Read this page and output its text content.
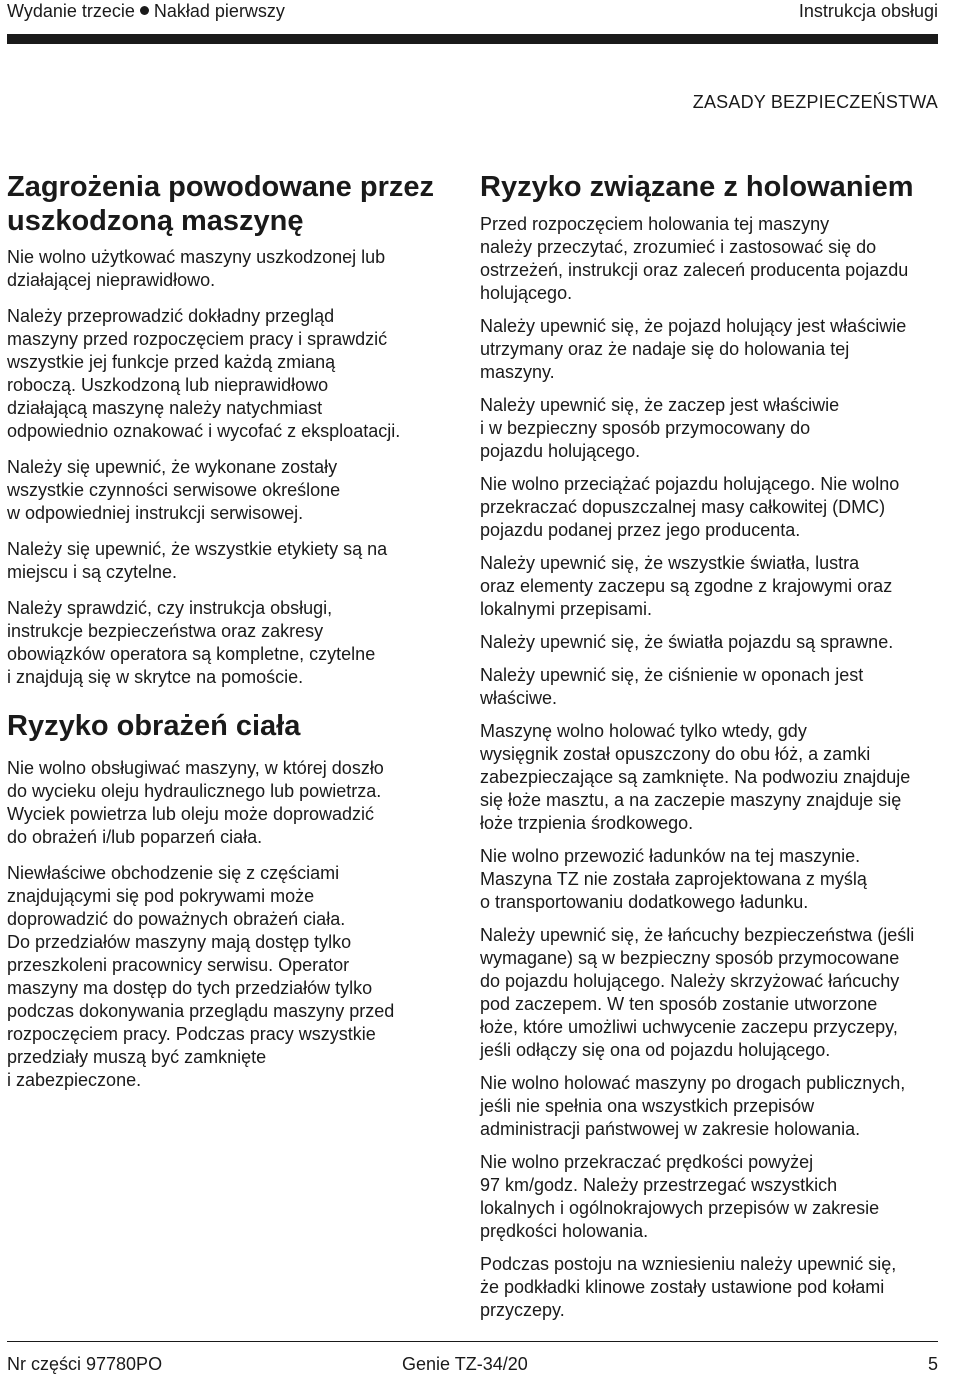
Wydanie trzecie Nakład pierwszy	Instrukcja obsługi
ZASADY BEZPIECZEŃSTWA
Zagrożenia powodowane przez
uszkodzoną maszynę

Nie wolno użytkować maszyny uszkodzonej lub
działającej nieprawidłowo.

Należy przeprowadzić dokładny przegląd
maszyny przed rozpoczęciem pracy i sprawdzić
wszystkie jej funkcje przed każdą zmianą
roboczą. Uszkodzoną lub nieprawidłowo
działającą maszynę należy natychmiast
odpowiednio oznakować i wycofać z eksploatacji.

Należy się upewnić, że wykonane zostały
wszystkie czynności serwisowe określone
w odpowiedniej instrukcji serwisowej.

Należy się upewnić, że wszystkie etykiety są na
miejscu i są czytelne.

Należy sprawdzić, czy instrukcja obsługi,
instrukcje bezpieczeństwa oraz zakresy
obowiązków operatora są kompletne, czytelne
i znajdują się w skrytce na pomoście.

Ryzyko obrażeń ciała

Nie wolno obsługiwać maszyny, w której doszło
do wycieku oleju hydraulicznego lub powietrza.
Wyciek powietrza lub oleju może doprowadzić
do obrażeń i/lub poparzeń ciała.

Niewłaściwe obchodzenie się z częściami
znajdującymi się pod pokrywami może
doprowadzić do poważnych obrażeń ciała.
Do przedziałów maszyny mają dostęp tylko
przeszkoleni pracownicy serwisu. Operator
maszyny ma dostęp do tych przedziałów tylko
podczas dokonywania przeglądu maszyny przed
rozpoczęciem pracy. Podczas pracy wszystkie
przedziały muszą być zamknięte
i zabezpieczone.

Ryzyko związane z holowaniem

Przed rozpoczęciem holowania tej maszyny
należy przeczytać, zrozumieć i zastosować się do
ostrzeżeń, instrukcji oraz zaleceń producenta pojazdu
holującego.

Należy upewnić się, że pojazd holujący jest właściwie
utrzymany oraz że nadaje się do holowania tej
maszyny.

Należy upewnić się, że zaczep jest właściwie
i w bezpieczny sposób przymocowany do
pojazdu holującego.

Nie wolno przeciążać pojazdu holującego. Nie wolno
przekraczać dopuszczalnej masy całkowitej (DMC)
pojazdu podanej przez jego producenta.

Należy upewnić się, że wszystkie światła, lustra
oraz elementy zaczepu są zgodne z krajowymi oraz
lokalnymi przepisami.

Należy upewnić się, że światła pojazdu są sprawne.

Należy upewnić się, że ciśnienie w oponach jest
właściwe.

Maszynę wolno holować tylko wtedy, gdy
wysięgnik został opuszczony do obu łóż, a zamki
zabezpieczające są zamknięte. Na podwoziu znajduje
się łoże masztu, a na zaczepie maszyny znajduje się
łoże trzpienia środkowego.

Nie wolno przewozić ładunków na tej maszynie.
Maszyna TZ nie została zaprojektowana z myślą
o transportowaniu dodatkowego ładunku.

Należy upewnić się, że łańcuchy bezpieczeństwa (jeśli
wymagane) są w bezpieczny sposób przymocowane
do pojazdu holującego. Należy skrzyżować łańcuchy
pod zaczepem. W ten sposób zostanie utworzone
łoże, które umożliwi uchwycenie zaczepu przyczepy,
jeśli odłączy się ona od pojazdu holującego.

Nie wolno holować maszyny po drogach publicznych,
jeśli nie spełnia ona wszystkich przepisów
administracji państwowej w zakresie holowania.

Nie wolno przekraczać prędkości powyżej
97 km/godz. Należy przestrzegać wszystkich
lokalnych i ogólnokrajowych przepisów w zakresie
prędkości holowania.

Podczas postoju na wzniesieniu należy upewnić się,
że podkładki klinowe zostały ustawione pod kołami
przyczepy.

Nr części 97780PO	Genie TZ-34/20	5
